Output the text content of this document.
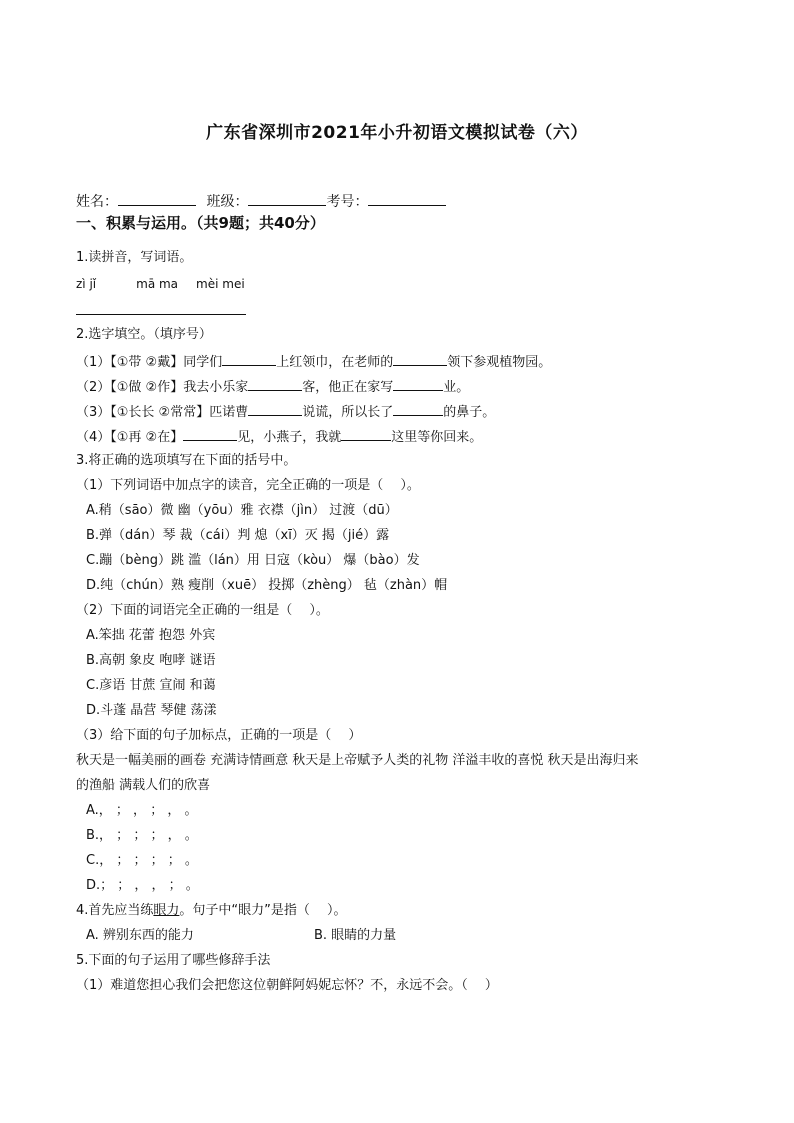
广东省深圳市2021年小升初语文模拟试卷（六）
姓名：	班级：	考号：
一、积累与运用。（共9题；共40分）
1.读拼音，写词语。
zì jǐ	mā ma mèi mei
2.选字填空。（填序号）
（1）【①带 ②戴】同学们	上红领巾，在老师的	领下参观植物园。
（2）【①做 ②作】我去小乐家	客，他正在家写	业。
（3）【①长长 ②常常】匹诺曹	说谎，所以长了	的鼻子。
（4）【①再 ②在】	见，小燕子，我就	这里等你回来。
3.将正确的选项填写在下面的括号中。
（1）下列词语中加点字的读音，完全正确的一项是（　 ）。
A.稍（sāo）微 幽（yōu）雅 衣襟（jìn） 过渡（dū）
B.弹（dán）琴 裁（cái）判 熄（xī）灭 揭（jié）露
C.蹦（bèng）跳 滥（lán）用 日寇（kòu） 爆（bào）发
D.纯（chún）熟 瘦削（xuē） 投掷（zhèng） 毡（zhàn）帽
（2）下面的词语完全正确的一组是（　 ）。
A.笨拙 花蕾 抱怨 外宾
B.高朝 象皮 咆哮 谜语
C.彦语 甘蔗 宣闹 和蔼
D.斗蓬 晶营 琴健 荡漾
（3）给下面的句子加标点，正确的一项是（　 ）
秋天是一幅美丽的画卷 充满诗情画意 秋天是上帝赋予人类的礼物 洋溢丰收的喜悦 秋天是出海归来
的渔船 满载人们的欣喜
A.， ； ， ； ， 。
B.， ； ； ； ， 。
C.， ； ； ； ； 。
D.； ； ， ， ； 。
4.首先应当练眼力。句子中“眼力”是指（　 ）。
A. 辨别东西的能力	B. 眼睛的力量
5.下面的句子运用了哪些修辞手法
（1）难道您担心我们会把您这位朝鲜阿妈妮忘怀？不，永远不会。（　 ）
